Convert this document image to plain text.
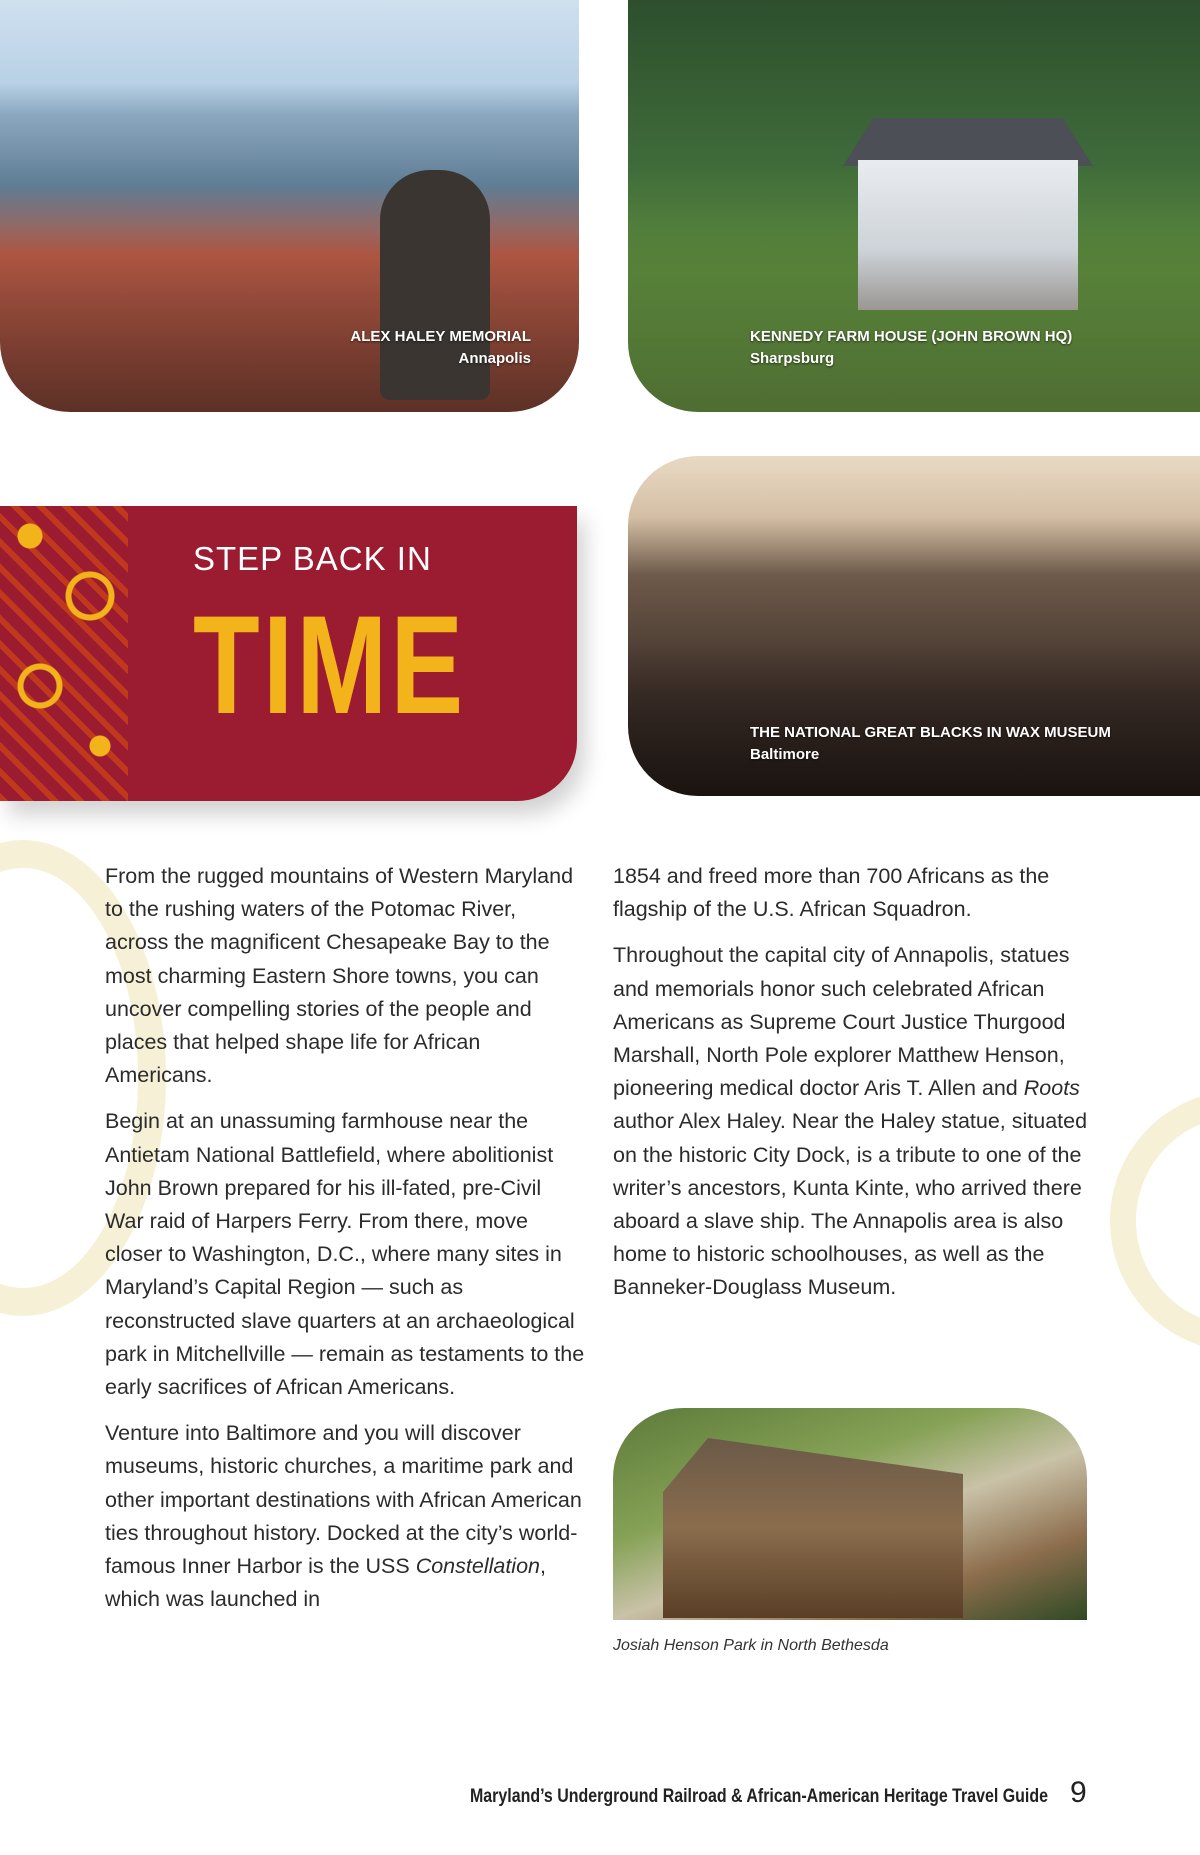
ALEX HALEY MEMORIAL
Annapolis
KENNEDY FARM HOUSE (JOHN BROWN HQ)
Sharpsburg
STEP BACK IN
TIME	THE NATIONAL GREAT BLACKS IN WAX MUSEUM
Baltimore

From the rugged mountains of Western Maryland to the rushing waters of the Potomac River, across the magnificent Chesapeake Bay to the most charming Eastern Shore towns, you can uncover compelling stories of the people and places that helped shape life for African Americans.

Begin at an unassuming farmhouse near the Antietam National Battlefield, where abolitionist John Brown prepared for his ill-fated, pre-Civil War raid of Harpers Ferry. From there, move closer to Washington, D.C., where many sites in Maryland’s Capital Region — such as reconstructed slave quarters at an archaeological park in Mitchellville — remain as testaments to the early sacrifices of African Americans.

Venture into Baltimore and you will discover museums, historic churches, a maritime park and other important destinations with African American ties throughout history. Docked at the city’s world-famous Inner Harbor is the USS Constellation, which was launched in

1854 and freed more than 700 Africans as the flagship of the U.S. African Squadron.

Throughout the capital city of Annapolis, statues and memorials honor such celebrated African Americans as Supreme Court Justice Thurgood Marshall, North Pole explorer Matthew Henson, pioneering medical doctor Aris T. Allen and Roots author Alex Haley. Near the Haley statue, situated on the historic City Dock, is a tribute to one of the writer’s ancestors, Kunta Kinte, who arrived there aboard a slave ship. The Annapolis area is also home to historic schoolhouses, as well as the Banneker-Douglass Museum.

Josiah Henson Park in North Bethesda
Maryland’s Underground Railroad & African-American Heritage Travel Guide 9
